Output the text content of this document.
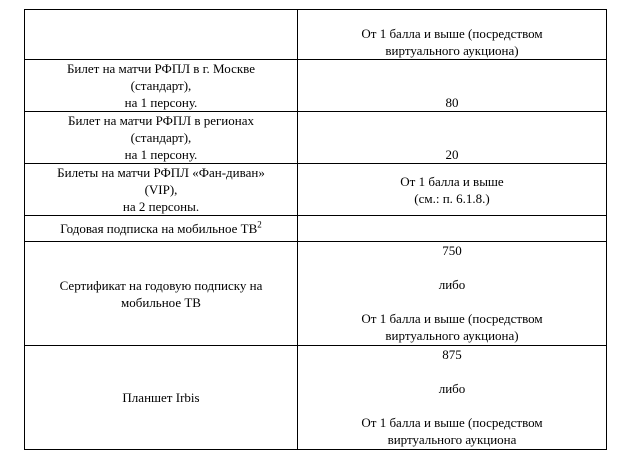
	От 1 балла и выше (посредством
виртуального аукциона)

Билет на матчи РФПЛ в г. Москве
(стандарт),
на 1 персону.	80

Билет на матчи РФПЛ в регионах
(стандарт),
на 1 персону.	20

Билеты на матчи РФПЛ «Фан-диван»
(VIP),
на 2 персоны.	От 1 балла и выше
(см.: п. 6.1.8.)

Годовая подписка на мобильное $ТВ^2$	

Сертификат на годовую подписку на
мобильное ТВ	750
либо
От 1 балла и выше (посредством
виртуального аукциона)

Планшет Irbis	875
либо
От 1 балла и выше (посредством
виртуального аукциона
